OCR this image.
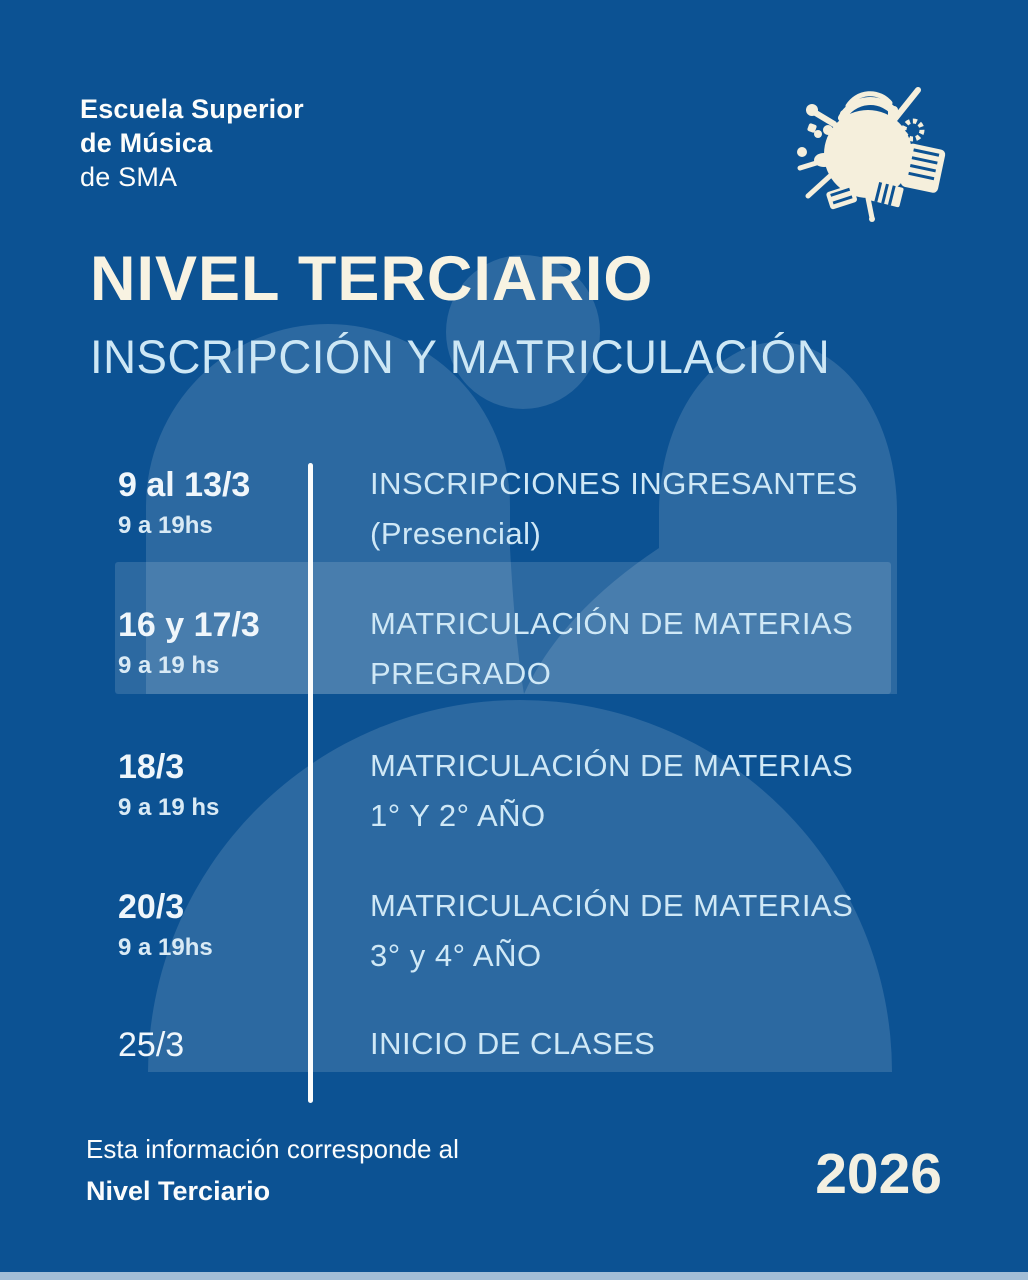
Escuela Superior
de Música
de SMA
NIVEL TERCIARIO
INSCRIPCIÓN Y MATRICULACIÓN
9 al 13/3
9 a 19hs
INSCRIPCIONES INGRESANTES
(Presencial)
16 y 17/3
9 a 19 hs
MATRICULACIÓN DE MATERIAS
PREGRADO
18/3
9 a 19 hs
MATRICULACIÓN DE MATERIAS
1° Y 2° AÑO
20/3
9 a 19hs
MATRICULACIÓN DE MATERIAS
3° y 4° AÑO
25/3	INICIO DE CLASES
Esta información corresponde al
Nivel Terciario	2026
